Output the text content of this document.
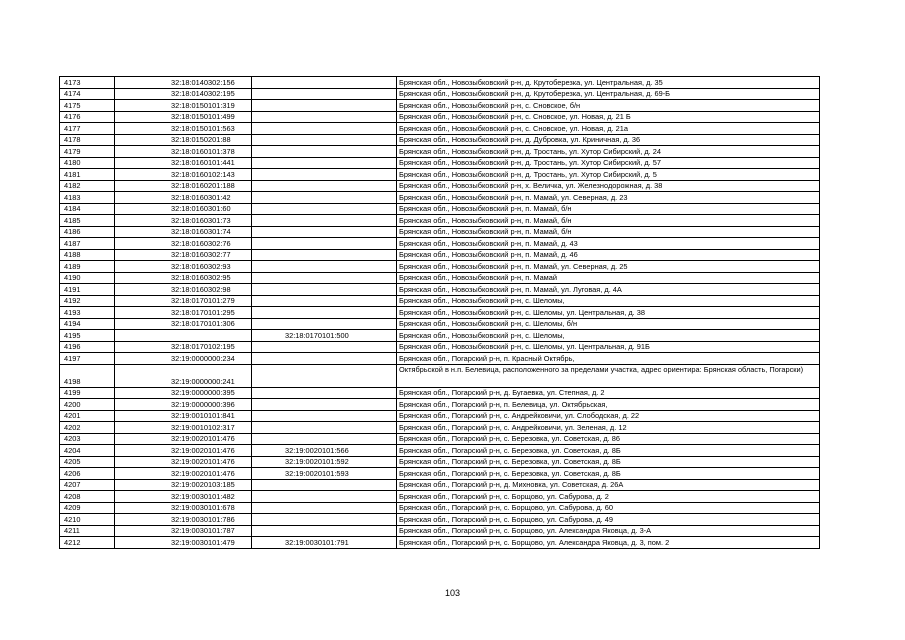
4173	32:18:0140302:156		Брянская обл., Новозыбковский р-н, д. Крутоберезка, ул. Центральная, д. 35
4174	32:18:0140302:195		Брянская обл., Новозыбковский р-н, д. Крутоберезка, ул. Центральная, д. 69-Б
4175	32:18:0150101:319		Брянская обл., Новозыбковский р-н, с. Сновское, б/н
4176	32:18:0150101:499		Брянская обл., Новозыбковский р-н, с. Сновское, ул. Новая, д. 21 Б
4177	32:18:0150101:563		Брянская обл., Новозыбковский р-н, с. Сновское, ул. Новая, д. 21а
4178	32:18:0150201:88		Брянская обл., Новозыбковский р-н, д. Дубровка, ул. Криничная, д. 36
4179	32:18:0160101:378		Брянская обл., Новозыбковский р-н, д. Тростань, ул. Хутор Сибирский, д. 24
4180	32:18:0160101:441		Брянская обл., Новозыбковский р-н, д. Тростань, ул. Хутор Сибирский, д. 57
4181	32:18:0160102:143		Брянская обл., Новозыбковский р-н, д. Тростань, ул. Хутор Сибирский, д. 5
4182	32:18:0160201:188		Брянская обл., Новозыбковский р-н, х. Величка, ул. Железнодорожная, д. 38
4183	32:18:0160301:42		Брянская обл., Новозыбковский р-н, п. Мамай, ул. Северная, д. 23
4184	32:18:0160301:60		Брянская обл., Новозыбковский р-н, п. Мамай, б/н
4185	32:18:0160301:73		Брянская обл., Новозыбковский р-н, п. Мамай, б/н
4186	32:18:0160301:74		Брянская обл., Новозыбковский р-н, п. Мамай, б/н
4187	32:18:0160302:76		Брянская обл., Новозыбковский р-н, п. Мамай, д. 43
4188	32:18:0160302:77		Брянская обл., Новозыбковский р-н, п. Мамай, д. 46
4189	32:18:0160302:93		Брянская обл., Новозыбковский р-н, п. Мамай, ул. Северная, д. 25
4190	32:18:0160302:95		Брянская обл., Новозыбковский р-н, п. Мамай
4191	32:18:0160302:98		Брянская обл., Новозыбковский р-н, п. Мамай, ул. Луговая, д. 4А
4192	32:18:0170101:279		Брянская обл., Новозыбковский р-н, с. Шеломы,
4193	32:18:0170101:295		Брянская обл., Новозыбковский р-н, с. Шеломы, ул. Центральная, д. 38
4194	32:18:0170101:306		Брянская обл., Новозыбковский р-н, с. Шеломы, б/н
4195		32:18:0170101:500	Брянская обл., Новозыбковский р-н, с. Шеломы,
4196	32:18:0170102:195		Брянская обл., Новозыбковский р-н, с. Шеломы, ул. Центральная, д. 91Б
4197	32:19:0000000:234		Брянская обл., Погарский р-н, п. Красный Октябрь,
4198	32:19:0000000:241		Октябрьской в н.п. Белевица, расположенного за пределами участка, адрес ориентира: Брянская область, Погарски)
4199	32:19:0000000:395		Брянская обл., Погарский р-н, д. Бугаевка, ул. Степная, д. 2
4200	32:19:0000000:396		Брянская обл., Погарский р-н, п. Белевица, ул. Октябрьская,
4201	32:19:0010101:841		Брянская обл., Погарский р-н, с. Андрейковичи, ул. Слободская, д. 22
4202	32:19:0010102:317		Брянская обл., Погарский р-н, с. Андрейковичи, ул. Зеленая, д. 12
4203	32:19:0020101:476		Брянская обл., Погарский р-н, с. Березовка, ул. Советская, д. 86
4204	32:19:0020101:476	32:19:0020101:566	Брянская обл., Погарский р-н, с. Березовка, ул. Советская, д. 8Б
4205	32:19:0020101:476	32:19:0020101:592	Брянская обл., Погарский р-н, с. Березовка, ул. Советская, д. 8Б
4206	32:19:0020101:476	32:19:0020101:593	Брянская обл., Погарский р-н, с. Березовка, ул. Советская, д. 8Б
4207	32:19:0020103:185		Брянская обл., Погарский р-н, д. Михновка, ул. Советская, д. 26А
4208	32:19:0030101:482		Брянская обл., Погарский р-н, с. Борщово, ул. Сабурова, д. 2
4209	32:19:0030101:678		Брянская обл., Погарский р-н, с. Борщово, ул. Сабурова, д. 60
4210	32:19:0030101:786		Брянская обл., Погарский р-н, с. Борщово, ул. Сабурова, д. 49
4211	32:19:0030101:787		Брянская обл., Погарский р-н, с. Борщово, ул. Александра Яковца, д. 3-А
4212	32:19:0030101:479	32:19:0030101:791	Брянская обл., Погарский р-н, с. Борщово, ул. Александра Яковца, д. 3, пом. 2
103
